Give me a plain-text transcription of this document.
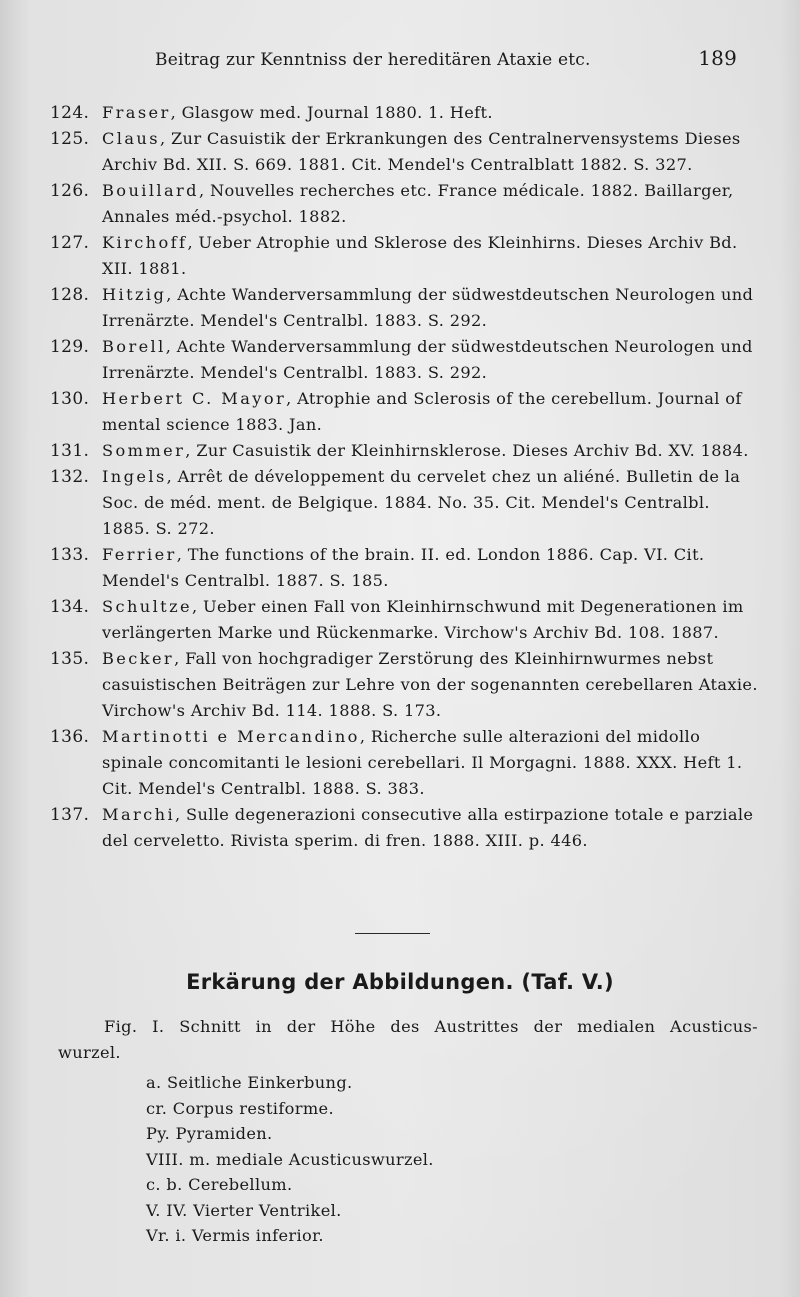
Beitrag zur Kenntniss der hereditären Ataxie etc.	189

124. Fraser, Glasgow med. Journal 1880. 1. Heft.

125. Claus, Zur Casuistik der Erkrankungen des Centralnervensystems Dieses Archiv Bd. XII. S. 669. 1881. Cit. Mendel's Centralblatt 1882. S. 327.

126. Bouillard, Nouvelles recherches etc. France médicale. 1882. Baillarger, Annales méd.-psychol. 1882.

127. Kirchoff, Ueber Atrophie und Sklerose des Kleinhirns. Dieses Archiv Bd. XII. 1881.

128. Hitzig, Achte Wanderversammlung der südwestdeutschen Neurologen und Irrenärzte. Mendel's Centralbl. 1883. S. 292.

129. Borell, Achte Wanderversammlung der südwestdeutschen Neurologen und Irrenärzte. Mendel's Centralbl. 1883. S. 292.

130. Herbert C. Mayor, Atrophie and Sclerosis of the cerebellum. Journal of mental science 1883. Jan.

131. Sommer, Zur Casuistik der Kleinhirnsklerose. Dieses Archiv Bd. XV. 1884.

132. Ingels, Arrêt de développement du cervelet chez un aliéné. Bulletin de la Soc. de méd. ment. de Belgique. 1884. No. 35. Cit. Mendel's Centralbl. 1885. S. 272.

133. Ferrier, The functions of the brain. II. ed. London 1886. Cap. VI. Cit. Mendel's Centralbl. 1887. S. 185.

134. Schultze, Ueber einen Fall von Kleinhirnschwund mit Degenerationen im verlängerten Marke und Rückenmarke. Virchow's Archiv Bd. 108. 1887.

135. Becker, Fall von hochgradiger Zerstörung des Kleinhirnwurmes nebst casuistischen Beiträgen zur Lehre von der sogenannten cerebellaren Ataxie. Virchow's Archiv Bd. 114. 1888. S. 173.

136. Martinotti e Mercandino, Richerche sulle alterazioni del midollo spinale concomitanti le lesioni cerebellari. Il Morgagni. 1888. XXX. Heft 1. Cit. Mendel's Centralbl. 1888. S. 383.

137. Marchi, Sulle degenerazioni consecutive alla estirpazione totale e parziale del cerveletto. Rivista sperim. di fren. 1888. XIII. p. 446.

Erkärung der Abbildungen. (Taf. V.)
Fig. I. Schnitt in der Höhe des Austrittes der medialen Acusticus-
wurzel.
a. Seitliche Einkerbung.
cr. Corpus restiforme.
Py. Pyramiden.
VIII. m. mediale Acusticuswurzel.
c. b. Cerebellum.
V. IV. Vierter Ventrikel.
Vr. i. Vermis inferior.
